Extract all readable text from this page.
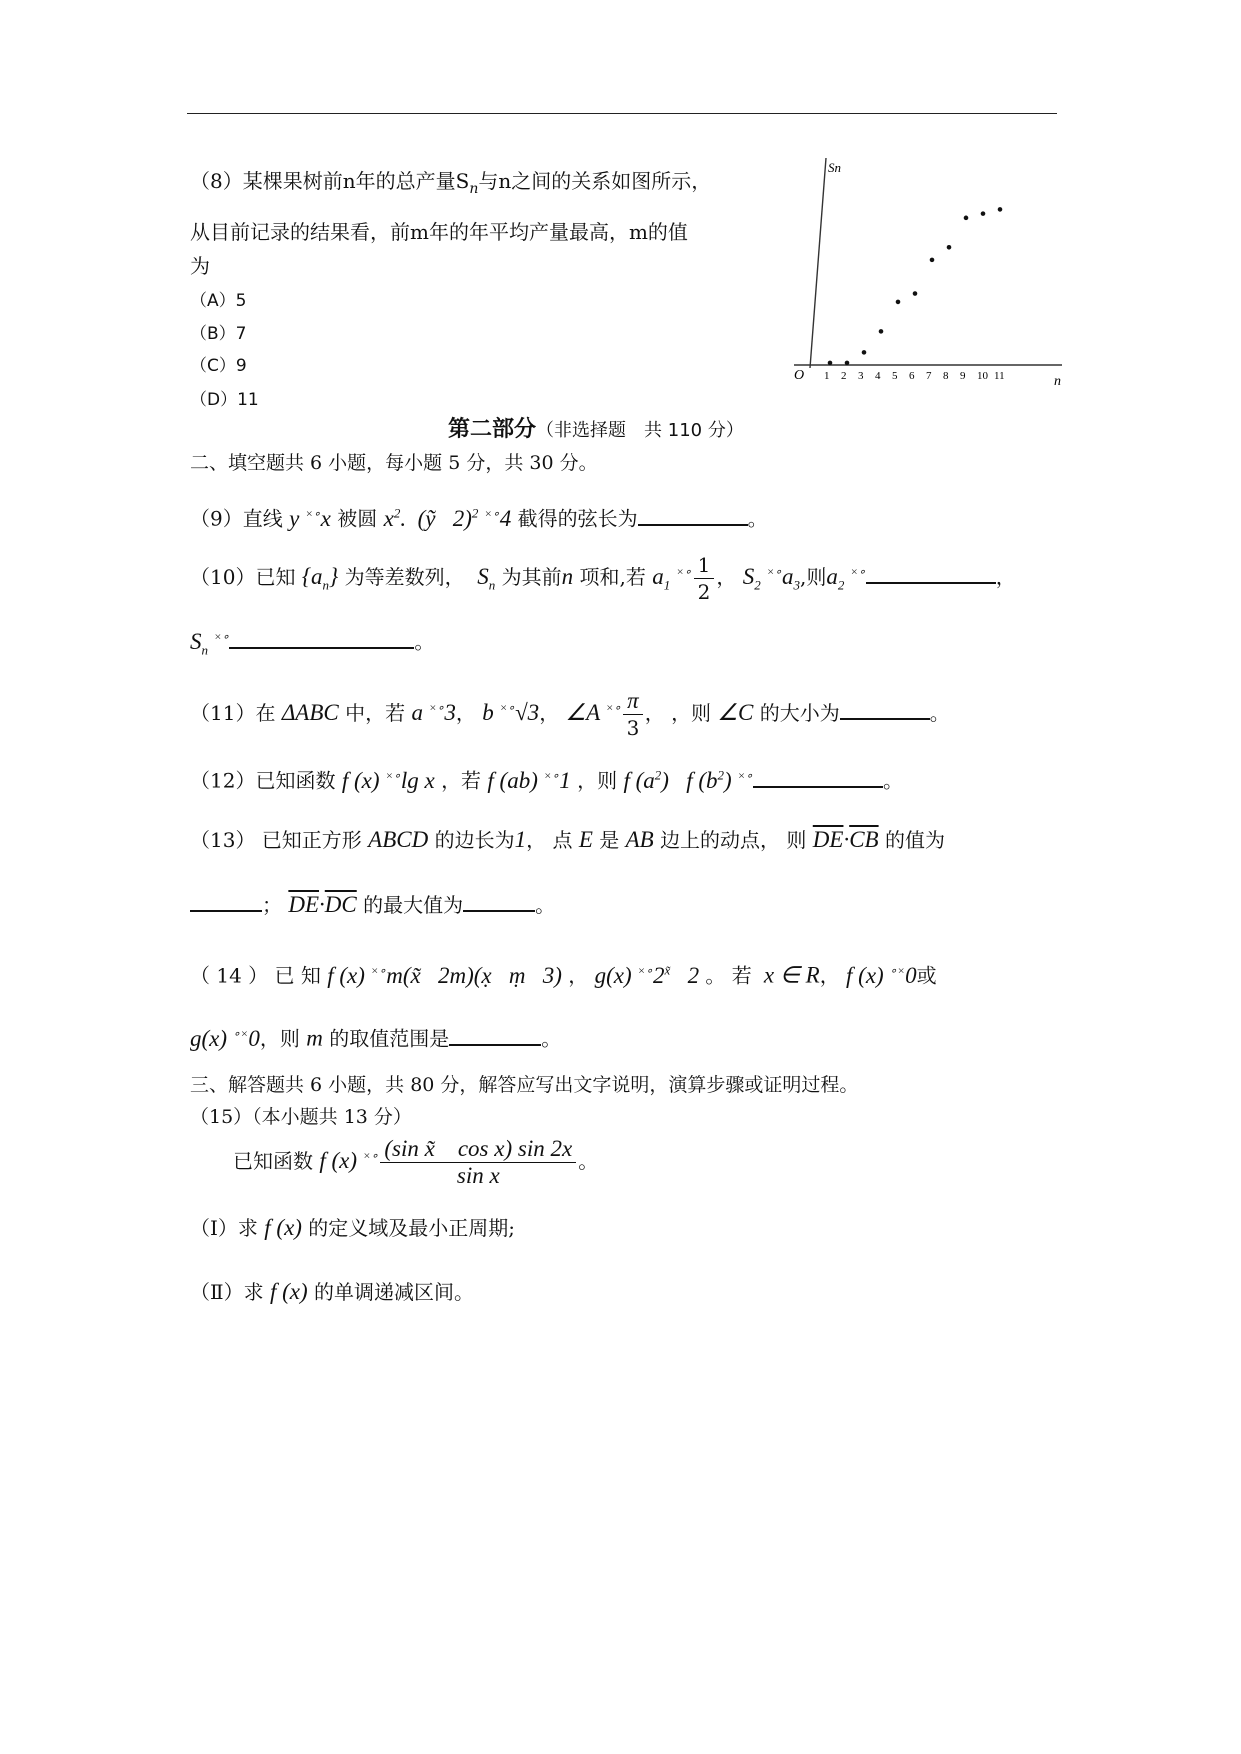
（8）某棵果树前n年的总产量$S_n$与n之间的关系如图所示，
从目前记录的结果看，前m年的年平均产量最高，m的值
为
（A）5
（B）7
（C）9
（D）11
Sn
n
O 1 2 3 4 5 6 7 8 9 10 11
第二部分（非选择题　共 110 分）
二、填空题共 6 小题，每小题 5 分，共 30 分。
（9）直线 y ×∘x 被圆 $x^2$.  (ỹ   2)$^2$ ×∘4 截得的弦长为	。
（10）已知 $\{a_n\}$ 为等差数列， $S_n$ 为其前n 项和,若 $a_1$ $^{\times\circ} \frac{1}{2}$ ， $S_2$ $^{\times\circ}a_3$,则$a_2$ ×∘	，
$S_n$ ×∘	。
（11）在 ΔABC 中，若 a ×∘3， b ×∘√3， ∠A $^{\times\circ} \frac{\pi}{3}$ ， ，则 ∠C 的大小为	。
（12）已知函数 f (x) ×∘lg x ，若 f (ab) ×∘1 ，则 f $(a^2)$   f $(b^2)$ ×∘	。
（13） 已知正方形 ABCD 的边长为1， 点 E 是 AB 边上的动点， 则 $\overline{DE}\cdot\overline{CB}$ 的值为
； $\overline{DE}\cdot\overline{DC}$ 的最大值为	。
（ 14 ） 已 知 f (x) ×∘m(x̃   2m)(x̣   ṃ   3) ， g(x) $^{\times\circ}2^{x̃}$   2 。 若  x ∈ R， f (x) ∘×0或
g(x) ∘×0，则 m 的取值范围是	。
三、解答题共 6 小题，共 80 分，解答应写出文字说明，演算步骤或证明过程。
（15）（本小题共 13 分）
已知函数 f (x) $^{\times\circ} \frac{\text{(sin x̃    cos x) sin 2x}}{\text{sin x}}$ 。
（Ⅰ）求 f (x) 的定义域及最小正周期;
（Ⅱ）求 f (x) 的单调递减区间。
